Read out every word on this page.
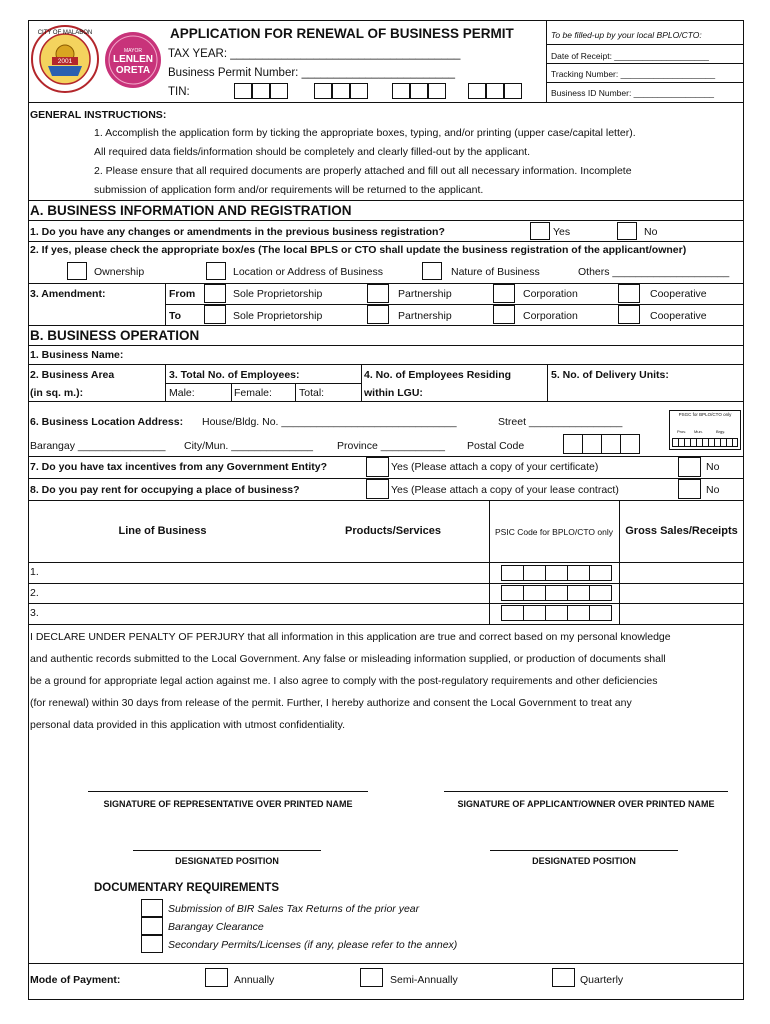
2001
CITY OF MALABON
MAYOR
LENLEN
ORETA
APPLICATION FOR RENEWAL OF BUSINESS PERMIT
TAX YEAR: ____________________________________
Business Permit Number: ________________________
TIN:
To be filled-up by your local BPLO/CTO:
Date of Receipt: ____________________
Tracking Number: ____________________
Business ID Number: _________________
GENERAL INSTRUCTIONS:
1. Accomplish the application form by ticking the appropriate boxes, typing, and/or printing (upper case/capital letter).
All required data fields/information should be completely and clearly filled-out by the applicant.
2. Please ensure that all required documents are properly attached and fill out all necessary information. Incomplete
submission of application form and/or requirements will be returned to the applicant.
A. BUSINESS INFORMATION AND REGISTRATION
1. Do you have any changes or amendments in the previous business registration?	Yes	No
2. If yes, please check the appropriate box/es (The local BPLS or CTO shall update the business registration of the applicant/owner)
Ownership	Location or Address of Business	Nature of Business	Others ____________________
3. Amendment:	From	Sole Proprietorship	Partnership	Corporation	Cooperative
To	Sole Proprietorship	Partnership	Corporation	Cooperative
B. BUSINESS OPERATION
1. Business Name:
2. Business Area
(in sq. m.):
3. Total No. of Employees:
Male:	Female:	Total:
4. No. of Employees Residing
within LGU:
5. No. of Delivery Units:
6. Business Location Address: House/Bldg. No. ______________________________	Street ________________
Barangay _______________ City/Mun. ______________ Province ___________ Postal Code
PSGC for BPLO/CTO only
Prov. Mun.	Brgy.
7. Do you have tax incentives from any Government Entity?	Yes (Please attach a copy of your certificate)	No
8. Do you pay rent for occupying a place of business?	Yes (Please attach a copy of your lease contract)	No
Line of Business	Products/Services	PSIC Code for BPLO/CTO only	Gross Sales/Receipts
1.
2.
3.
I DECLARE UNDER PENALTY OF PERJURY that all information in this application are true and correct based on my personal knowledge
and authentic records submitted to the Local Government. Any false or misleading information supplied, or production of documents shall
be a ground for appropriate legal action against me. I also agree to comply with the post-regulatory requirements and other deficiencies
(for renewal) within 30 days from release of the permit. Further, I hereby authorize and consent the Local Government to treat any
personal data provided in this application with utmost confidentiality.
SIGNATURE OF REPRESENTATIVE OVER PRINTED NAME	SIGNATURE OF APPLICANT/OWNER OVER PRINTED NAME
DESIGNATED POSITION	DESIGNATED POSITION
DOCUMENTARY REQUIREMENTS
Submission of BIR Sales Tax Returns of the prior year
Barangay Clearance
Secondary Permits/Licenses (if any, please refer to the annex)
Mode of Payment:	Annually	Semi-Annually	Quarterly
